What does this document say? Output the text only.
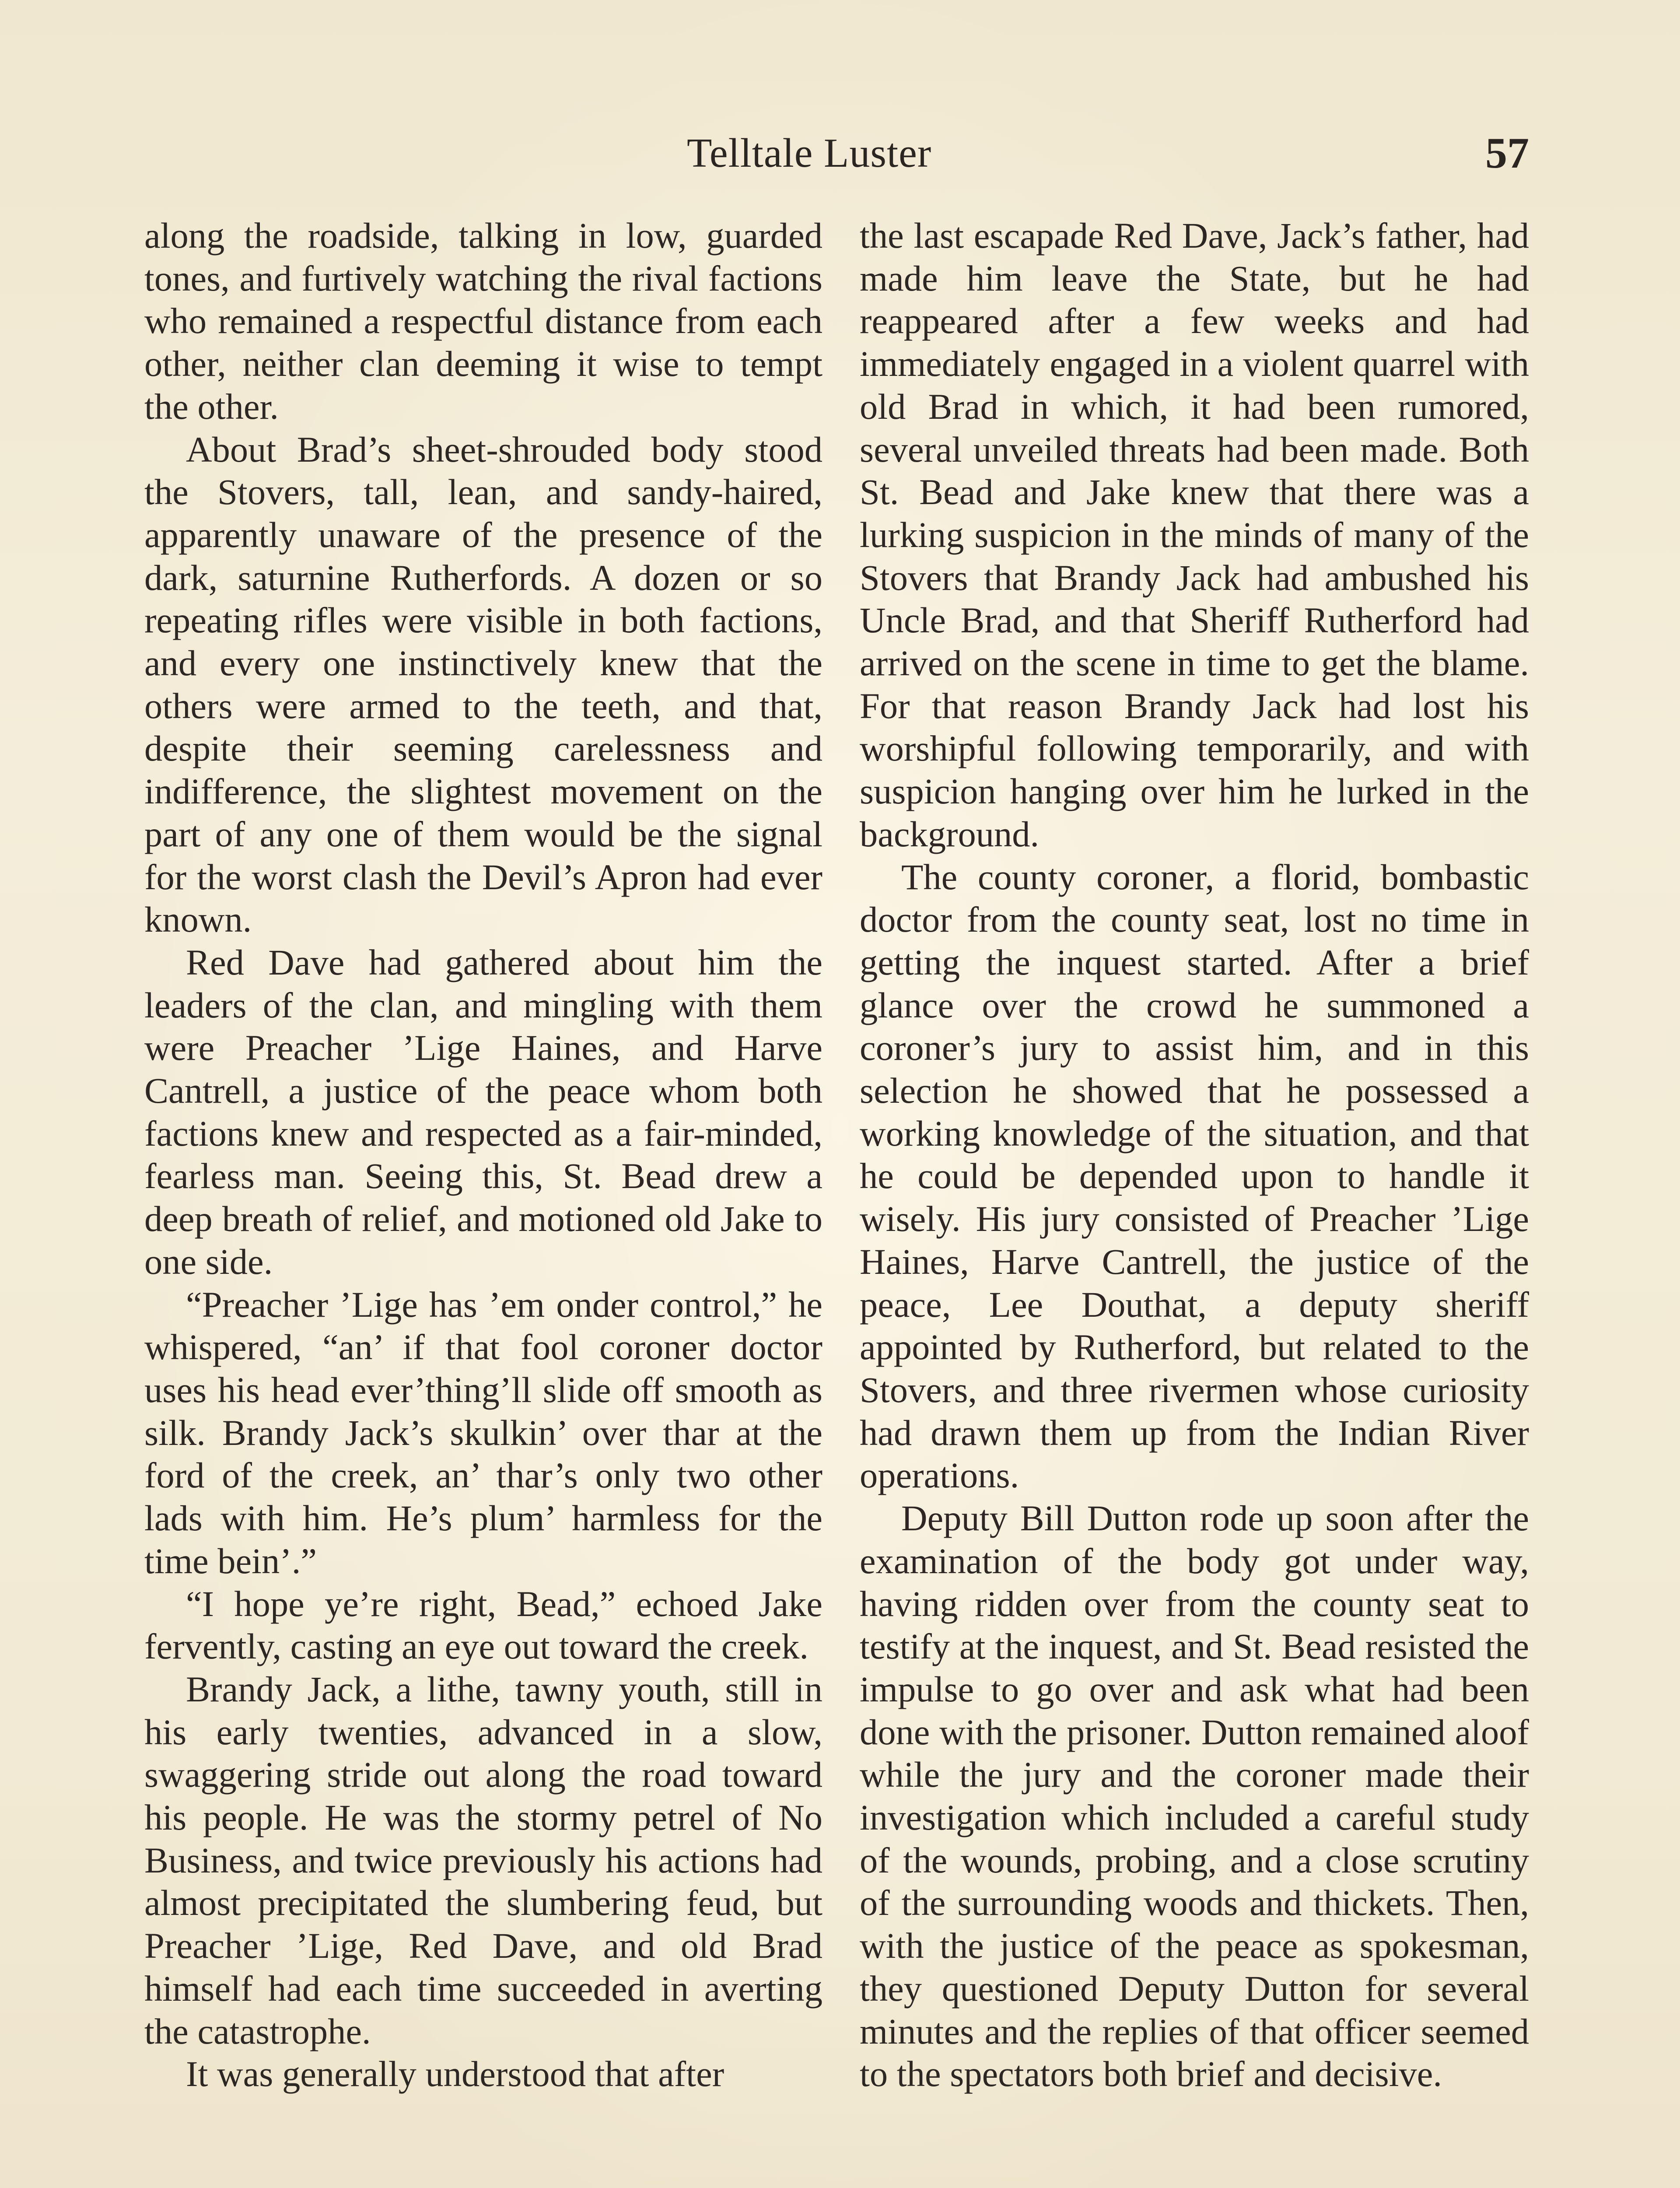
Telltale Luster	57

along the roadside, talking in low, guarded tones, and furtively watching the rival factions who remained a respectful distance from each other, neither clan deeming it wise to tempt the other.

About Brad’s sheet-shrouded body stood the Stovers, tall, lean, and sandy-haired, apparently unaware of the presence of the dark, saturnine Rutherfords. A dozen or so repeating rifles were visible in both factions, and every one instinctively knew that the others were armed to the teeth, and that, despite their seeming carelessness and indifference, the slightest movement on the part of any one of them would be the signal for the worst clash the Devil’s Apron had ever known.

Red Dave had gathered about him the leaders of the clan, and mingling with them were Preacher ’Lige Haines, and Harve Cantrell, a justice of the peace whom both factions knew and respected as a fair-minded, fearless man. Seeing this, St. Bead drew a deep breath of relief, and motioned old Jake to one side.

“Preacher ’Lige has ’em onder control,” he whispered, “an’ if that fool coroner doctor uses his head ever’thing’ll slide off smooth as silk. Brandy Jack’s skulkin’ over thar at the ford of the creek, an’ thar’s only two other lads with him. He’s plum’ harmless for the time bein’.”

“I hope ye’re right, Bead,” echoed Jake fervently, casting an eye out toward the creek.

Brandy Jack, a lithe, tawny youth, still in his early twenties, advanced in a slow, swaggering stride out along the road toward his people. He was the stormy petrel of No Business, and twice previously his actions had almost precipitated the slumbering feud, but Preacher ’Lige, Red Dave, and old Brad himself had each time succeeded in averting the catastrophe.

It was generally understood that after

the last escapade Red Dave, Jack’s father, had made him leave the State, but he had reappeared after a few weeks and had immediately engaged in a violent quarrel with old Brad in which, it had been rumored, several unveiled threats had been made. Both St. Bead and Jake knew that there was a lurking suspicion in the minds of many of the Stovers that Brandy Jack had ambushed his Uncle Brad, and that Sheriff Rutherford had arrived on the scene in time to get the blame. For that reason Brandy Jack had lost his worshipful following temporarily, and with suspicion hanging over him he lurked in the background.

The county coroner, a florid, bombastic doctor from the county seat, lost no time in getting the inquest started. After a brief glance over the crowd he summoned a coroner’s jury to assist him, and in this selection he showed that he possessed a working knowledge of the situation, and that he could be depended upon to handle it wisely. His jury consisted of Preacher ’Lige Haines, Harve Cantrell, the justice of the peace, Lee Douthat, a deputy sheriff appointed by Rutherford, but related to the Stovers, and three rivermen whose curiosity had drawn them up from the Indian River operations.

Deputy Bill Dutton rode up soon after the examination of the body got under way, having ridden over from the county seat to testify at the inquest, and St. Bead resisted the impulse to go over and ask what had been done with the prisoner. Dutton remained aloof while the jury and the coroner made their investigation which included a careful study of the wounds, probing, and a close scrutiny of the surrounding woods and thickets. Then, with the justice of the peace as spokesman, they questioned Deputy Dutton for several minutes and the replies of that officer seemed to the spectators both brief and decisive.
